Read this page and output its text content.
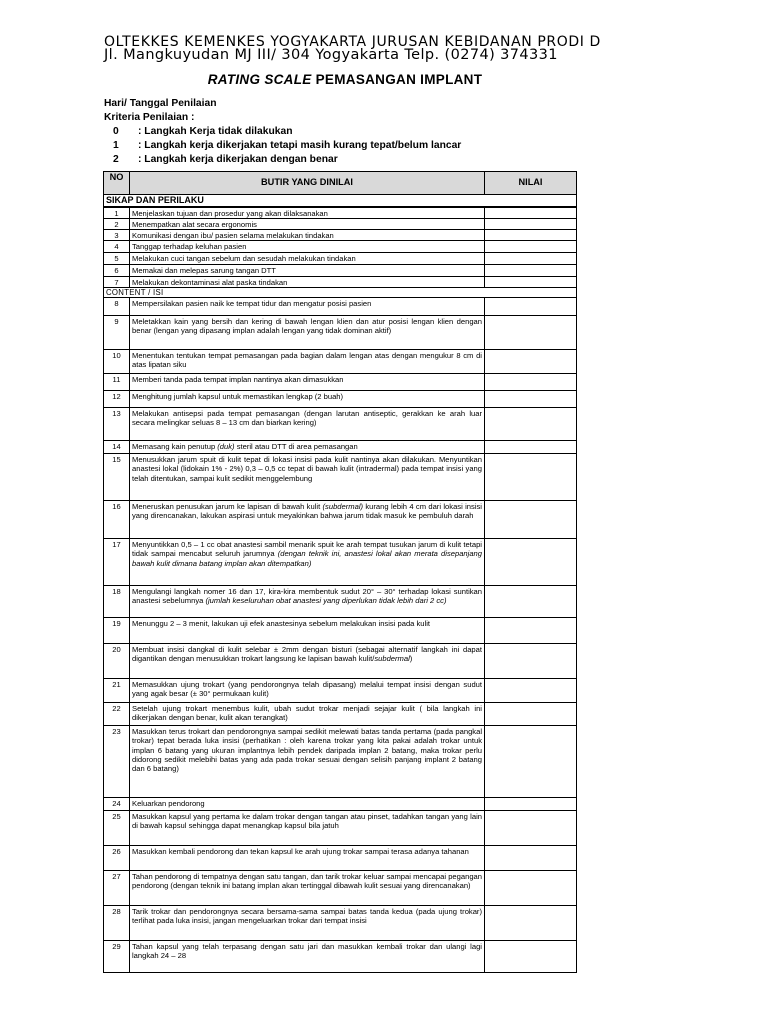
OLTEKKES KEMENKES YOGYAKARTA JURUSAN KEBIDANAN PRODI D
Jl. Mangkuyudan MJ III/ 304 Yogyakarta Telp. (0274) 374331
RATING SCALE PEMASANGAN IMPLANT
Hari/ Tanggal Penilaian
Kriteria Penilaian :
0 : Langkah Kerja tidak dilakukan
1 : Langkah kerja dikerjakan tetapi masih kurang tepat/belum lancar
2 : Langkah kerja dikerjakan dengan benar
NO	BUTIR YANG DINILAI	NILAI
SIKAP DAN PERILAKU		
1	Menjelaskan tujuan dan prosedur yang akan dilaksanakan	
2	Menempatkan alat secara ergonomis	
3	Komunikasi dengan ibu/ pasien selama melakukan tindakan	
4	Tanggap terhadap keluhan pasien	
5	Melakukan cuci tangan sebelum dan sesudah melakukan tindakan	
6	Memakai dan melepas sarung tangan DTT	
7	Melakukan dekontaminasi alat paska tindakan	
CONTENT / ISI		
8	Mempersilakan pasien naik ke tempat tidur dan mengatur posisi pasien	
9	Meletakkan kain yang bersih dan kering di bawah lengan klien dan atur posisi lengan klien dengan benar (lengan yang dipasang implan adalah lengan yang tidak dominan aktif)	
10	Menentukan tentukan tempat pemasangan pada bagian dalam lengan atas dengan mengukur 8 cm di atas lipatan siku	
11	Memberi tanda pada tempat implan nantinya akan dimasukkan	
12	Menghitung jumlah kapsul untuk memastikan lengkap (2 buah)	
13	Melakukan antisepsi pada tempat pemasangan (dengan larutan antiseptic, gerakkan ke arah luar secara melingkar seluas 8 – 13 cm dan biarkan kering)	
14	Memasang kain penutup (duk) steril atau DTT di area pemasangan	
15	Menusukkan jarum spuit di kulit tepat di lokasi insisi pada kulit nantinya akan dilakukan. Menyuntikan anastesi lokal (lidokain 1% - 2%) 0,3 – 0,5 cc tepat di bawah kulit (intradermal) pada tempat insisi yang telah ditentukan, sampai kulit sedikit menggelembung	
16	Meneruskan penusukan jarum ke lapisan di bawah kulit (subdermal) kurang lebih 4 cm dari lokasi insisi yang direncanakan, lakukan aspirasi untuk meyakinkan bahwa jarum tidak masuk ke pembuluh darah	
17	Menyuntikkan 0,5 – 1 cc obat anastesi sambil menarik spuit ke arah tempat tusukan jarum di kulit tetapi tidak sampai mencabut seluruh jarumnya (dengan teknik ini, anastesi lokal akan merata disepanjang bawah kulit dimana batang implan akan ditempatkan)	
18	Mengulangi langkah nomer 16 dan 17, kira-kira membentuk sudut 20° – 30° terhadap lokasi suntikan anastesi sebelumnya (jumlah keseluruhan obat anastesi yang diperlukan tidak lebih dari 2 cc)	
19	Menunggu 2 – 3 menit, lakukan uji efek anastesinya sebelum melakukan insisi pada kulit	
20	Membuat insisi dangkal di kulit selebar ± 2mm dengan bisturi (sebagai alternatif langkah ini dapat digantikan dengan menusukkan trokart langsung ke lapisan bawah kulit/subdermal)	
21	Memasukkan ujung trokart (yang pendorongnya telah dipasang) melalui tempat insisi dengan sudut yang agak besar (± 30° permukaan kulit)	
22	Setelah ujung trokart menembus kulit, ubah sudut trokar menjadi sejajar kulit ( bila langkah ini dikerjakan dengan benar, kulit akan terangkat)	
23	Masukkan terus trokart dan pendorongnya sampai sedikit melewati batas tanda pertama (pada pangkal trokar) tepat berada luka insisi (perhatikan : oleh karena trokar yang kita pakai adalah trokar untuk implan 6 batang yang ukuran implantnya lebih pendek daripada implan 2 batang, maka trokar perlu didorong sedikit melebihi batas yang ada pada trokar sesuai dengan selisih panjang implant 2 batang dan 6 batang)	
24	Keluarkan pendorong	
25	Masukkan kapsul yang pertama ke dalam trokar dengan tangan atau pinset, tadahkan tangan yang lain di bawah kapsul sehingga dapat menangkap kapsul bila jatuh	
26	Masukkan kembali pendorong dan tekan kapsul ke arah ujung trokar sampai terasa adanya tahanan	
27	Tahan pendorong di tempatnya dengan satu tangan, dan tarik trokar keluar sampai mencapai pegangan pendorong (dengan teknik ini batang implan akan tertinggal dibawah kulit sesuai yang direncanakan)	
28	Tarik trokar dan pendorongnya secara bersama-sama sampai batas tanda kedua (pada ujung trokar) terlihat pada luka insisi, jangan mengeluarkan trokar dari tempat insisi	
29	Tahan kapsul yang telah terpasang dengan satu jari dan masukkan kembali trokar dan ulangi lagi langkah 24 – 28	
